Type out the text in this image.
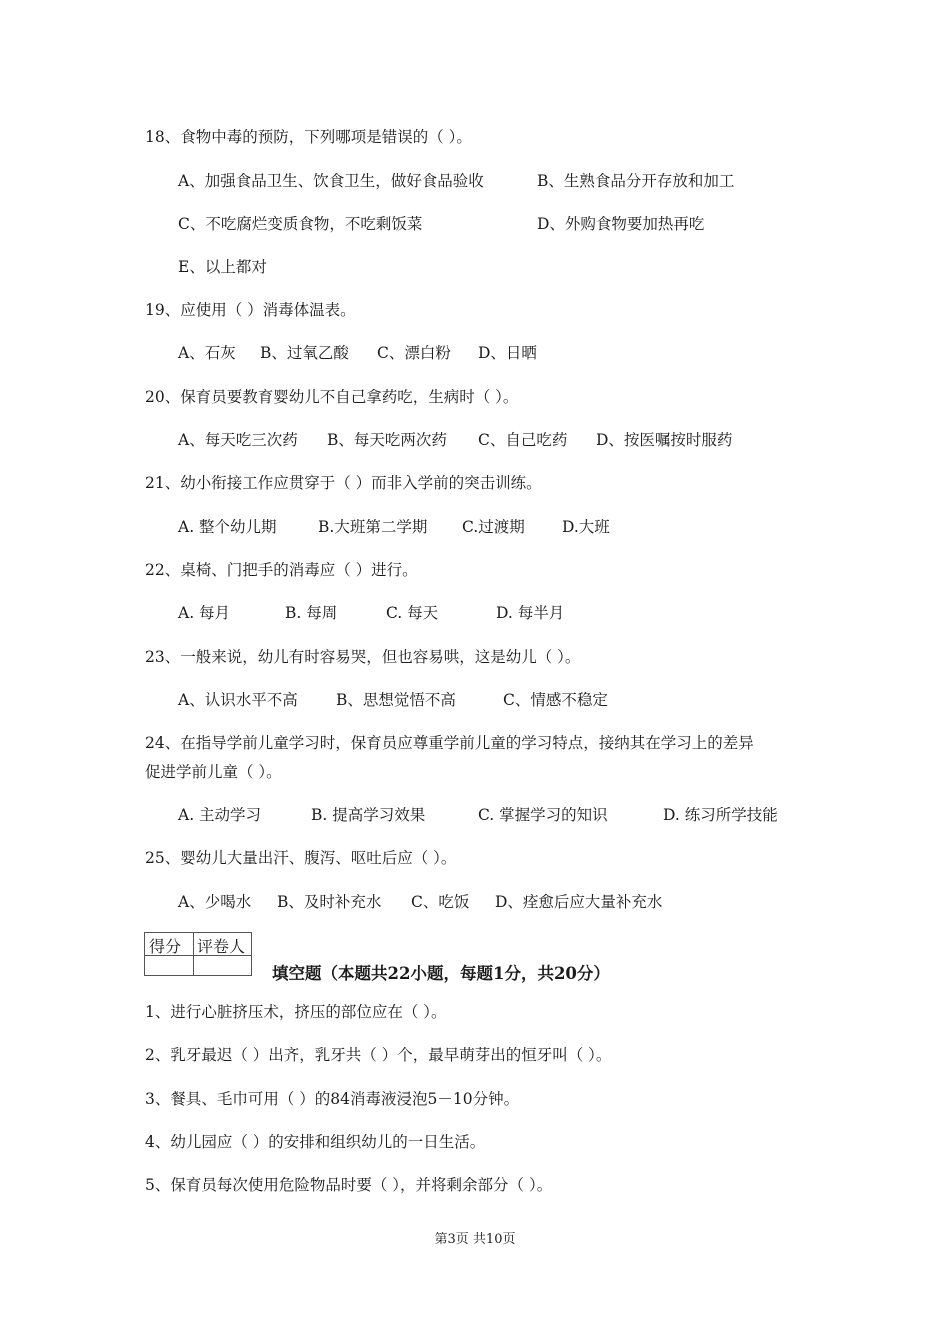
18、食物中毒的预防，下列哪项是错误的（ ）。
A、加强食品卫生、饮食卫生，做好食品验收	B、生熟食品分开存放和加工
C、不吃腐烂变质食物，不吃剩饭菜	D、外购食物要加热再吃
E、以上都对
19、应使用（ ）消毒体温表。
A、石灰 B、过氧乙酸 C、漂白粉 D、日晒
20、保育员要教育婴幼儿不自己拿药吃，生病时（ ）。
A、每天吃三次药 B、每天吃两次药 C、自己吃药 D、按医嘱按时服药
21、幼小衔接工作应贯穿于（ ）而非入学前的突击训练。
A. 整个幼儿期	B.大班第二学期 C.过渡期 D.大班
22、桌椅、门把手的消毒应（ ）进行。
A. 每月	B. 每周	C. 每天	D. 每半月
23、一般来说，幼儿有时容易哭，但也容易哄，这是幼儿（ ）。
A、认识水平不高 B、思想觉悟不高	C、情感不稳定
24、在指导学前儿童学习时，保育员应尊重学前儿童的学习特点，接纳其在学习上的差异
促进学前儿童（ ）。
A. 主动学习	B. 提高学习效果	C. 掌握学习的知识	D. 练习所学技能
25、婴幼儿大量出汗、腹泻、呕吐后应（ ）。
A、少喝水 B、及时补充水 C、吃饭 D、痊愈后应大量补充水
得分 评卷人
填空题（本题共22小题，每题1分，共20分）
1、进行心脏挤压术，挤压的部位应在（ ）。
2、乳牙最迟（ ）出齐，乳牙共（ ）个，最早萌芽出的恒牙叫（ ）。
3、餐具、毛巾可用（ ）的84消毒液浸泡5－10分钟。
4、幼儿园应（ ）的安排和组织幼儿的一日生活。
5、保育员每次使用危险物品时要（ ），并将剩余部分（ ）。
第3页 共10页
